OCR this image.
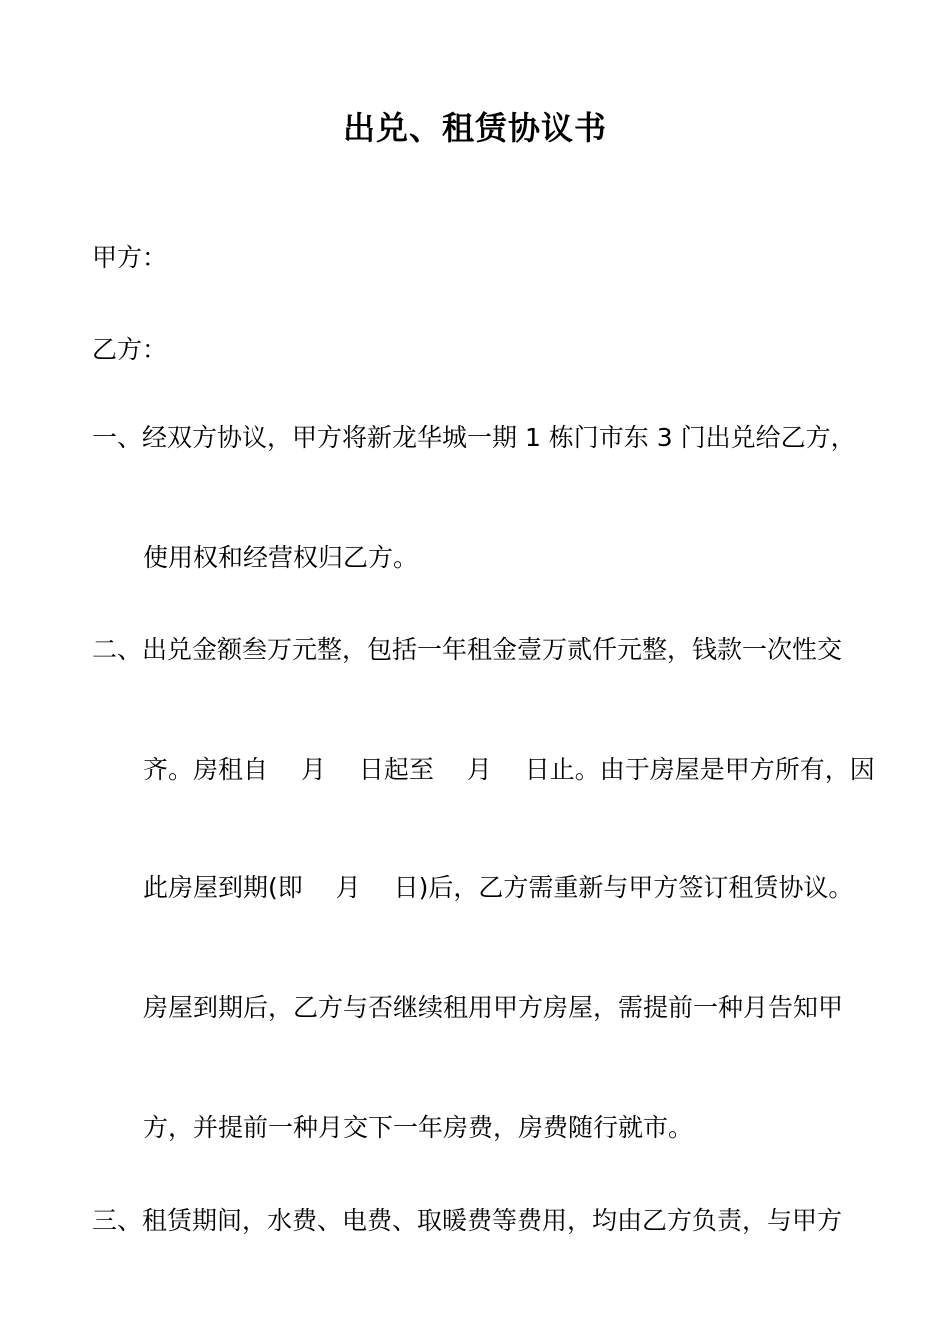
出兑、租赁协议书
甲方：
乙方：
一、经双方协议，甲方将新龙华城一期 1 栋门市东 3 门出兑给乙方，
使用权和经营权归乙方。
二、出兑金额叁万元整，包括一年租金壹万贰仟元整，钱款一次性交
齐。房租自　 月　 日起至　 月　 日止。由于房屋是甲方所有，因
此房屋到期(即　 月　 日)后，乙方需重新与甲方签订租赁协议。
房屋到期后，乙方与否继续租用甲方房屋，需提前一种月告知甲
方，并提前一种月交下一年房费，房费随行就市。
三、租赁期间，水费、电费、取暖费等费用，均由乙方负责，与甲方
